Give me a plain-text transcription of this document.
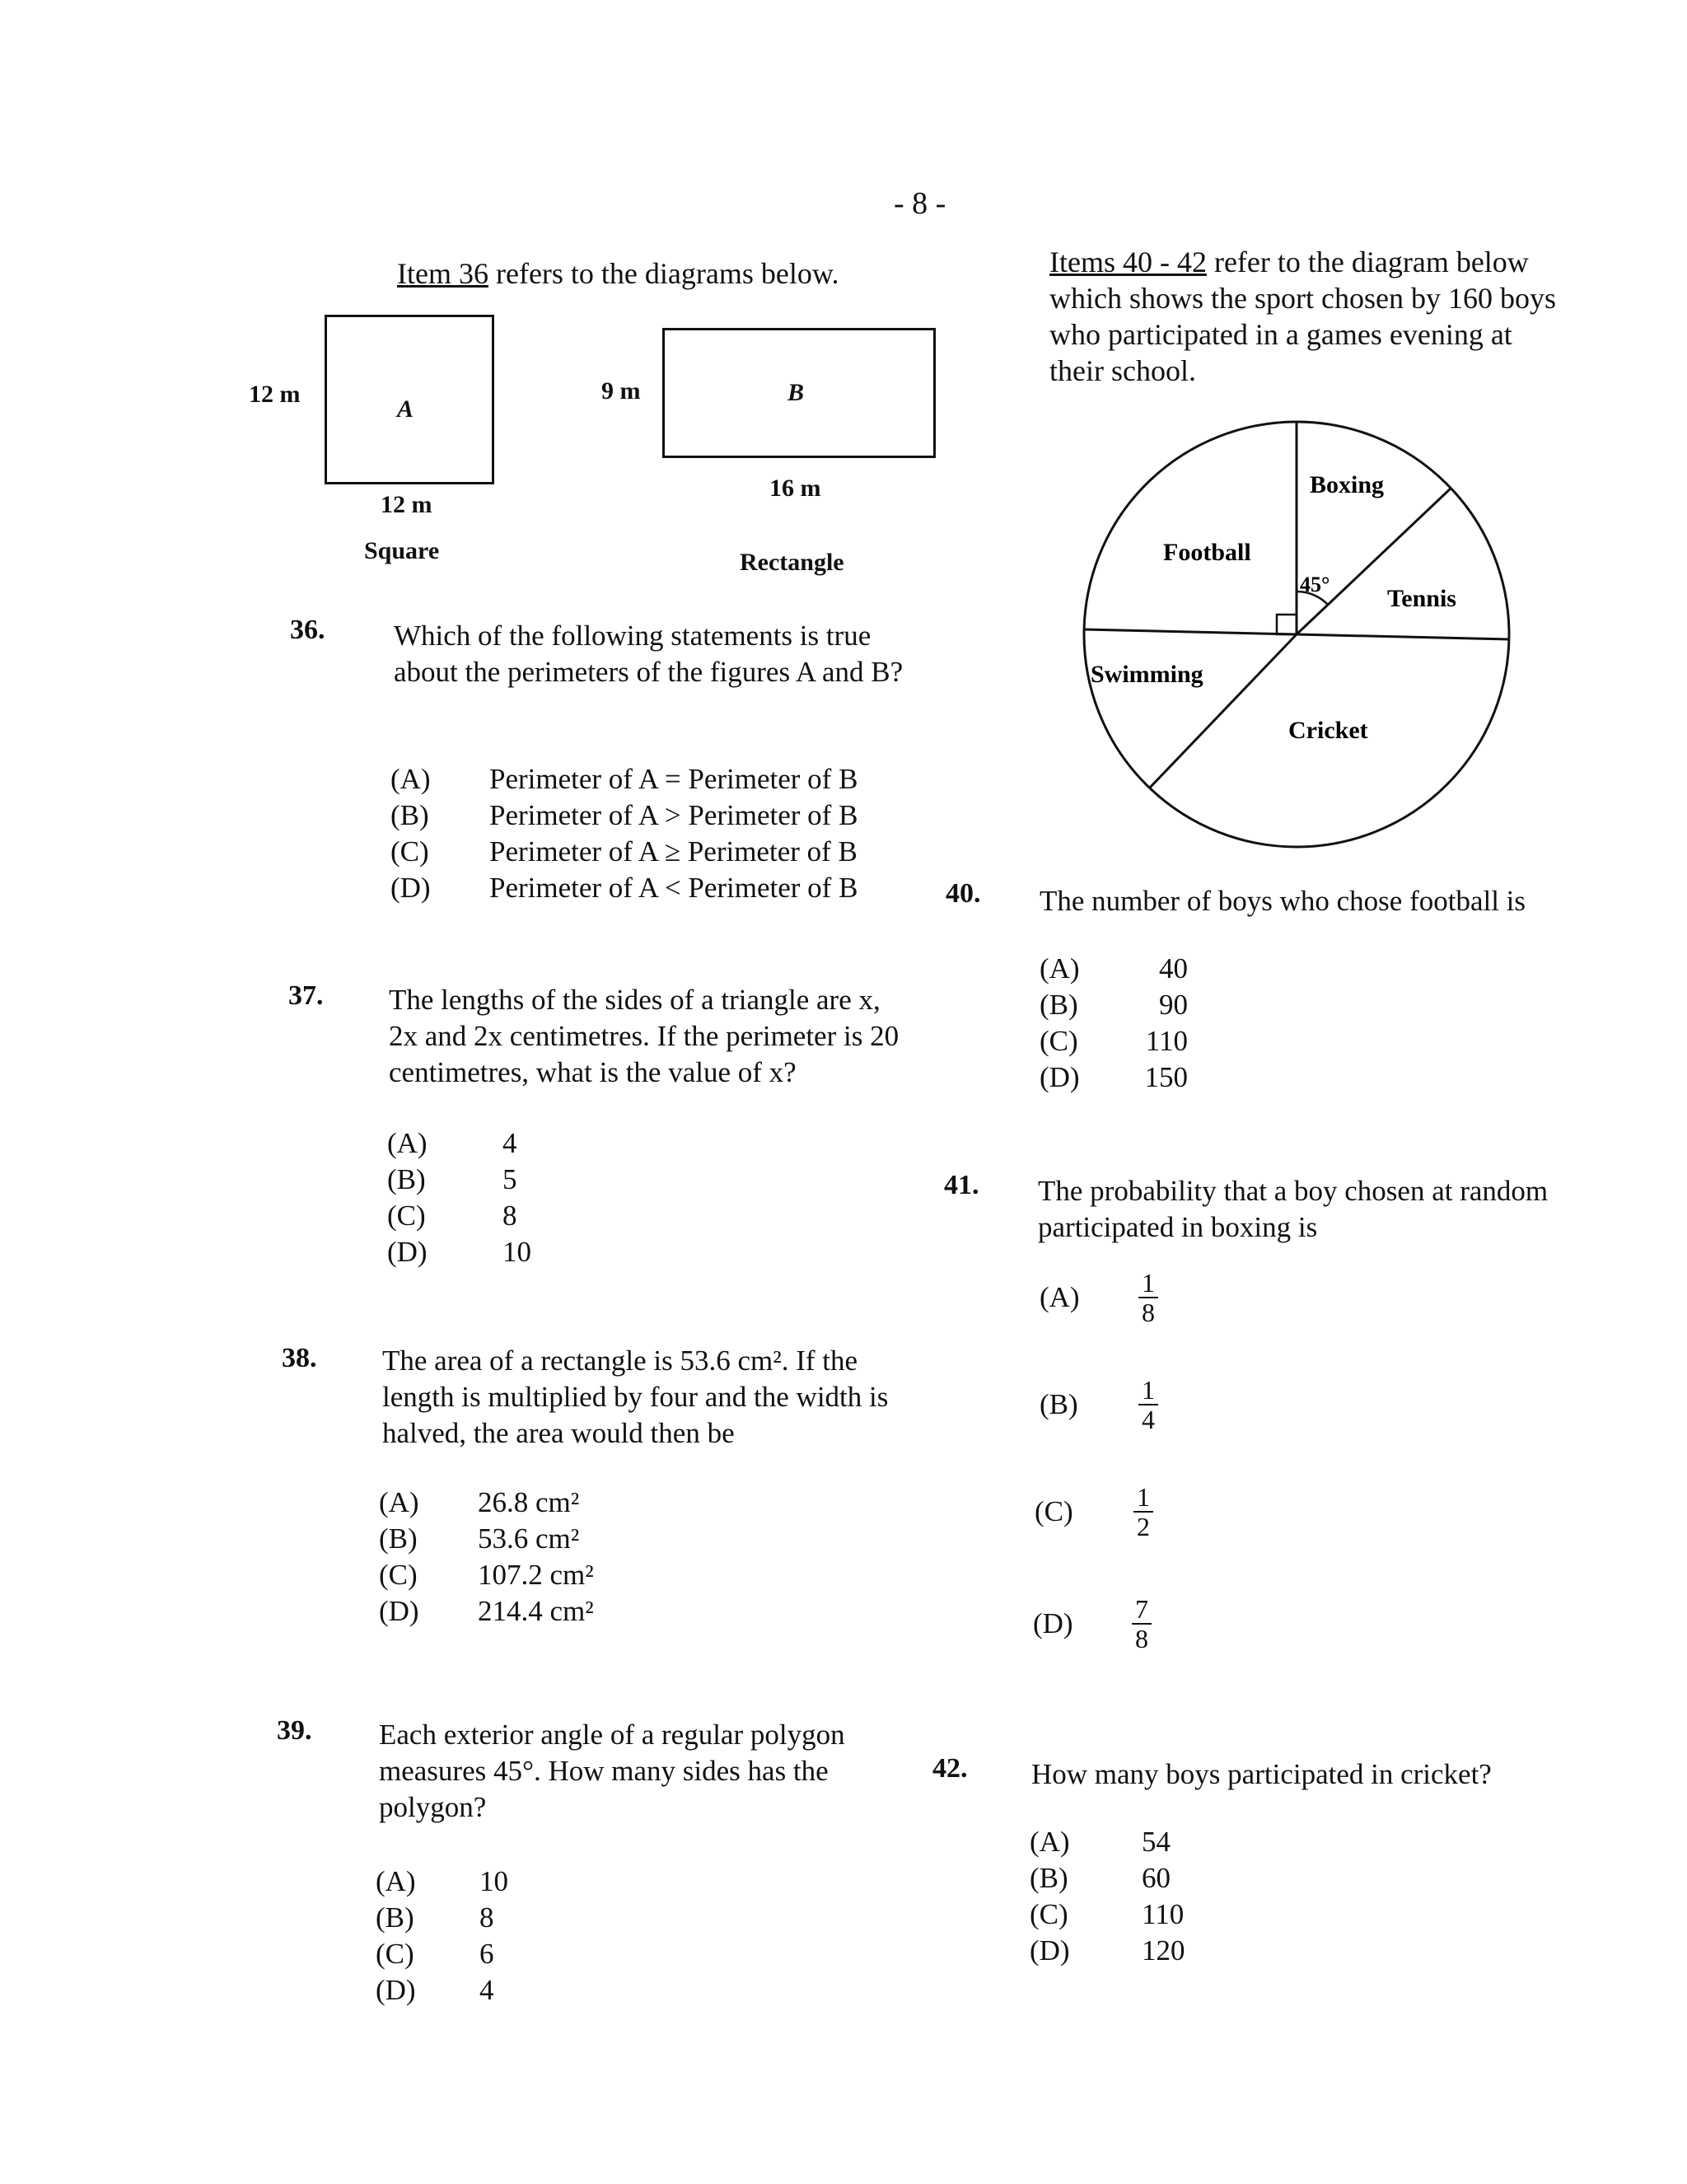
- 8 -
Item 36 refers to the diagrams below.
12 m
A
12 m
Square
9 m	B
16 m
Rectangle
36. Which of the following statements is true about the perimeters of the figures A and B?
(A)	Perimeter of A = Perimeter of B
(B)	Perimeter of A > Perimeter of B
(C)	Perimeter of A ≥ Perimeter of B
(D)	Perimeter of A < Perimeter of B
37. The lengths of the sides of a triangle are x, 2x and 2x centimetres. If the perimeter is 20 centimetres, what is the value of x?
(A)	4
(B)	5
(C)	8
(D)	10
38. The area of a rectangle is 53.6 cm². If the length is multiplied by four and the width is halved, the area would then be
(A)	26.8 cm²
(B)	53.6 cm²
(C)	107.2 cm²
(D)	214.4 cm²
39. Each exterior angle of a regular polygon measures 45°. How many sides has the polygon?
(A)	10
(B)	8
(C)	6
(D)	4
Items 40 - 42 refer to the diagram below which shows the sport chosen by 160 boys who participated in a games evening at their school.
Boxing
Football
45°
Tennis
Swimming
Cricket
40. The number of boys who chose football is
(A)	40
(B)	90
(C)	110
(D)	150
41. The probability that a boy chosen at random participated in boxing is
(A)	$\frac{1}{8}$
(B)	$\frac{1}{4}$
(C)	$\frac{1}{2}$
(D)	$\frac{7}{8}$
42. How many boys participated in cricket?
(A)	54
(B)	60
(C)	110
(D)	120
